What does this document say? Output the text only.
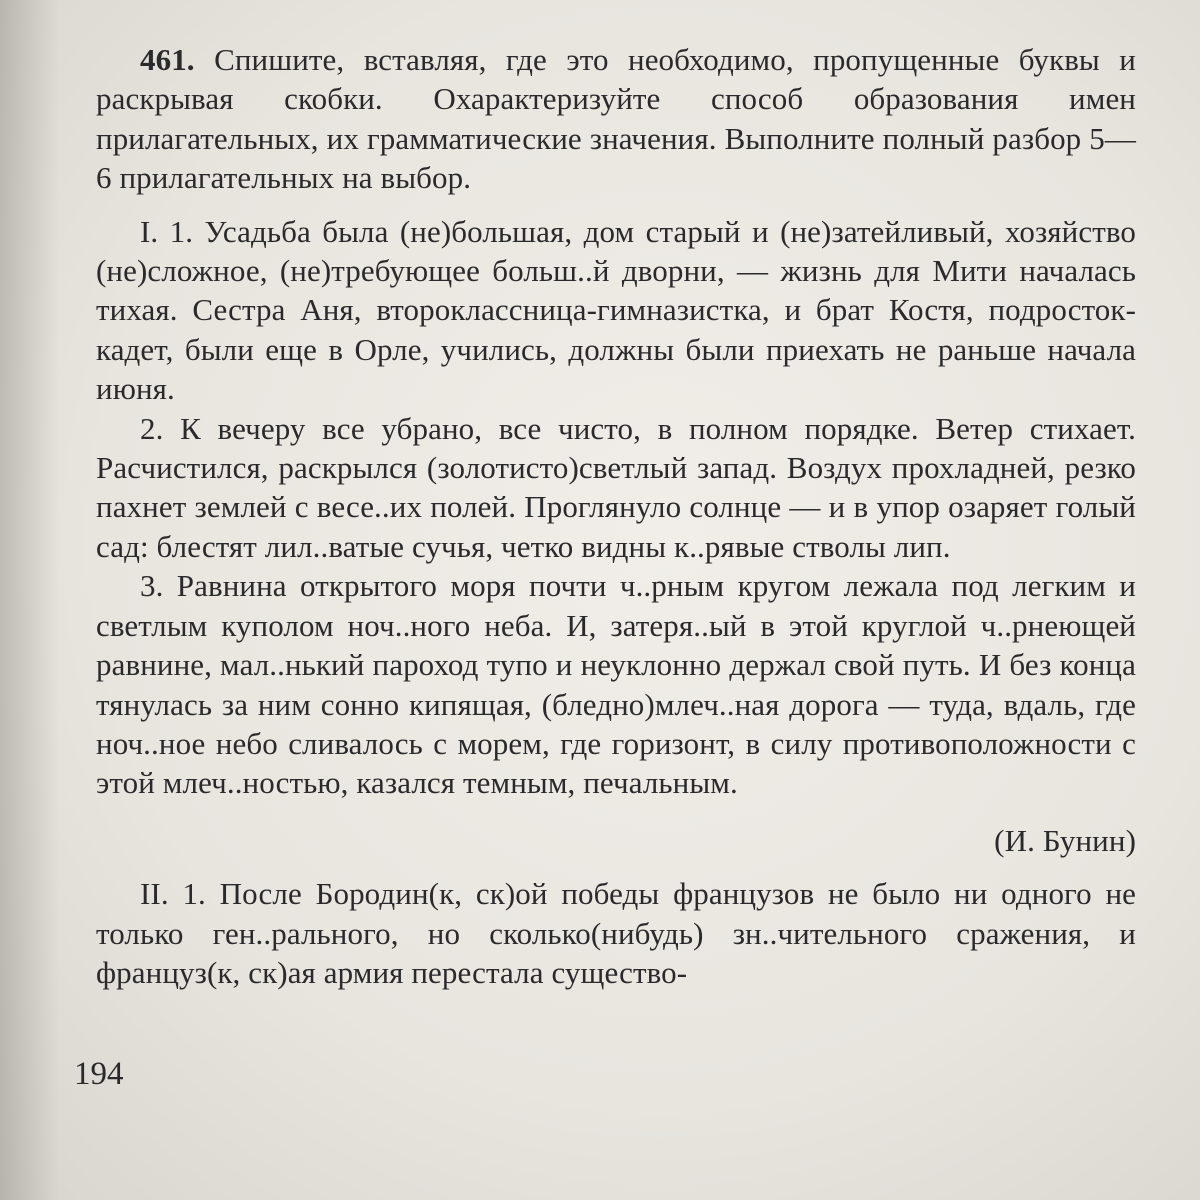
461. Спишите, вставляя, где это необходимо, пропущенные буквы и раскрывая скобки. Охарактеризуйте способ образования имен прилагательных, их грамматические значения. Выполните полный разбор 5—6 прилагательных на выбор.

I. 1. Усадьба была (не)большая, дом старый и (не)затейливый, хозяйство (не)сложное, (не)требующее больш..й дворни, — жизнь для Мити началась тихая. Сестра Аня, второклассница-гимназистка, и брат Костя, подросток-кадет, были еще в Орле, учились, должны были приехать не раньше начала июня.

2. К вечеру все убрано, все чисто, в полном порядке. Ветер стихает. Расчистился, раскрылся (золотисто)светлый запад. Воздух прохладней, резко пахнет землей с весе..их полей. Проглянуло солнце — и в упор озаряет голый сад: блестят лил..ватые сучья, четко видны к..рявые стволы лип.

3. Равнина открытого моря почти ч..рным кругом лежала под легким и светлым куполом ноч..ного неба. И, затеря..ый в этой круглой ч..рнеющей равнине, мал..нький пароход тупо и неуклонно держал свой путь. И без конца тянулась за ним сонно кипящая, (бледно)млеч..ная дорога — туда, вдаль, где ноч..ное небо сливалось с морем, где горизонт, в силу противоположности с этой млеч..ностью, казался темным, печальным.

(И. Бунин)

II. 1. После Бородин(к, ск)ой победы французов не было ни одного не только ген..рального, но сколько(нибудь) зн..чительного сражения, и француз(к, ск)ая армия перестала существо-

194
